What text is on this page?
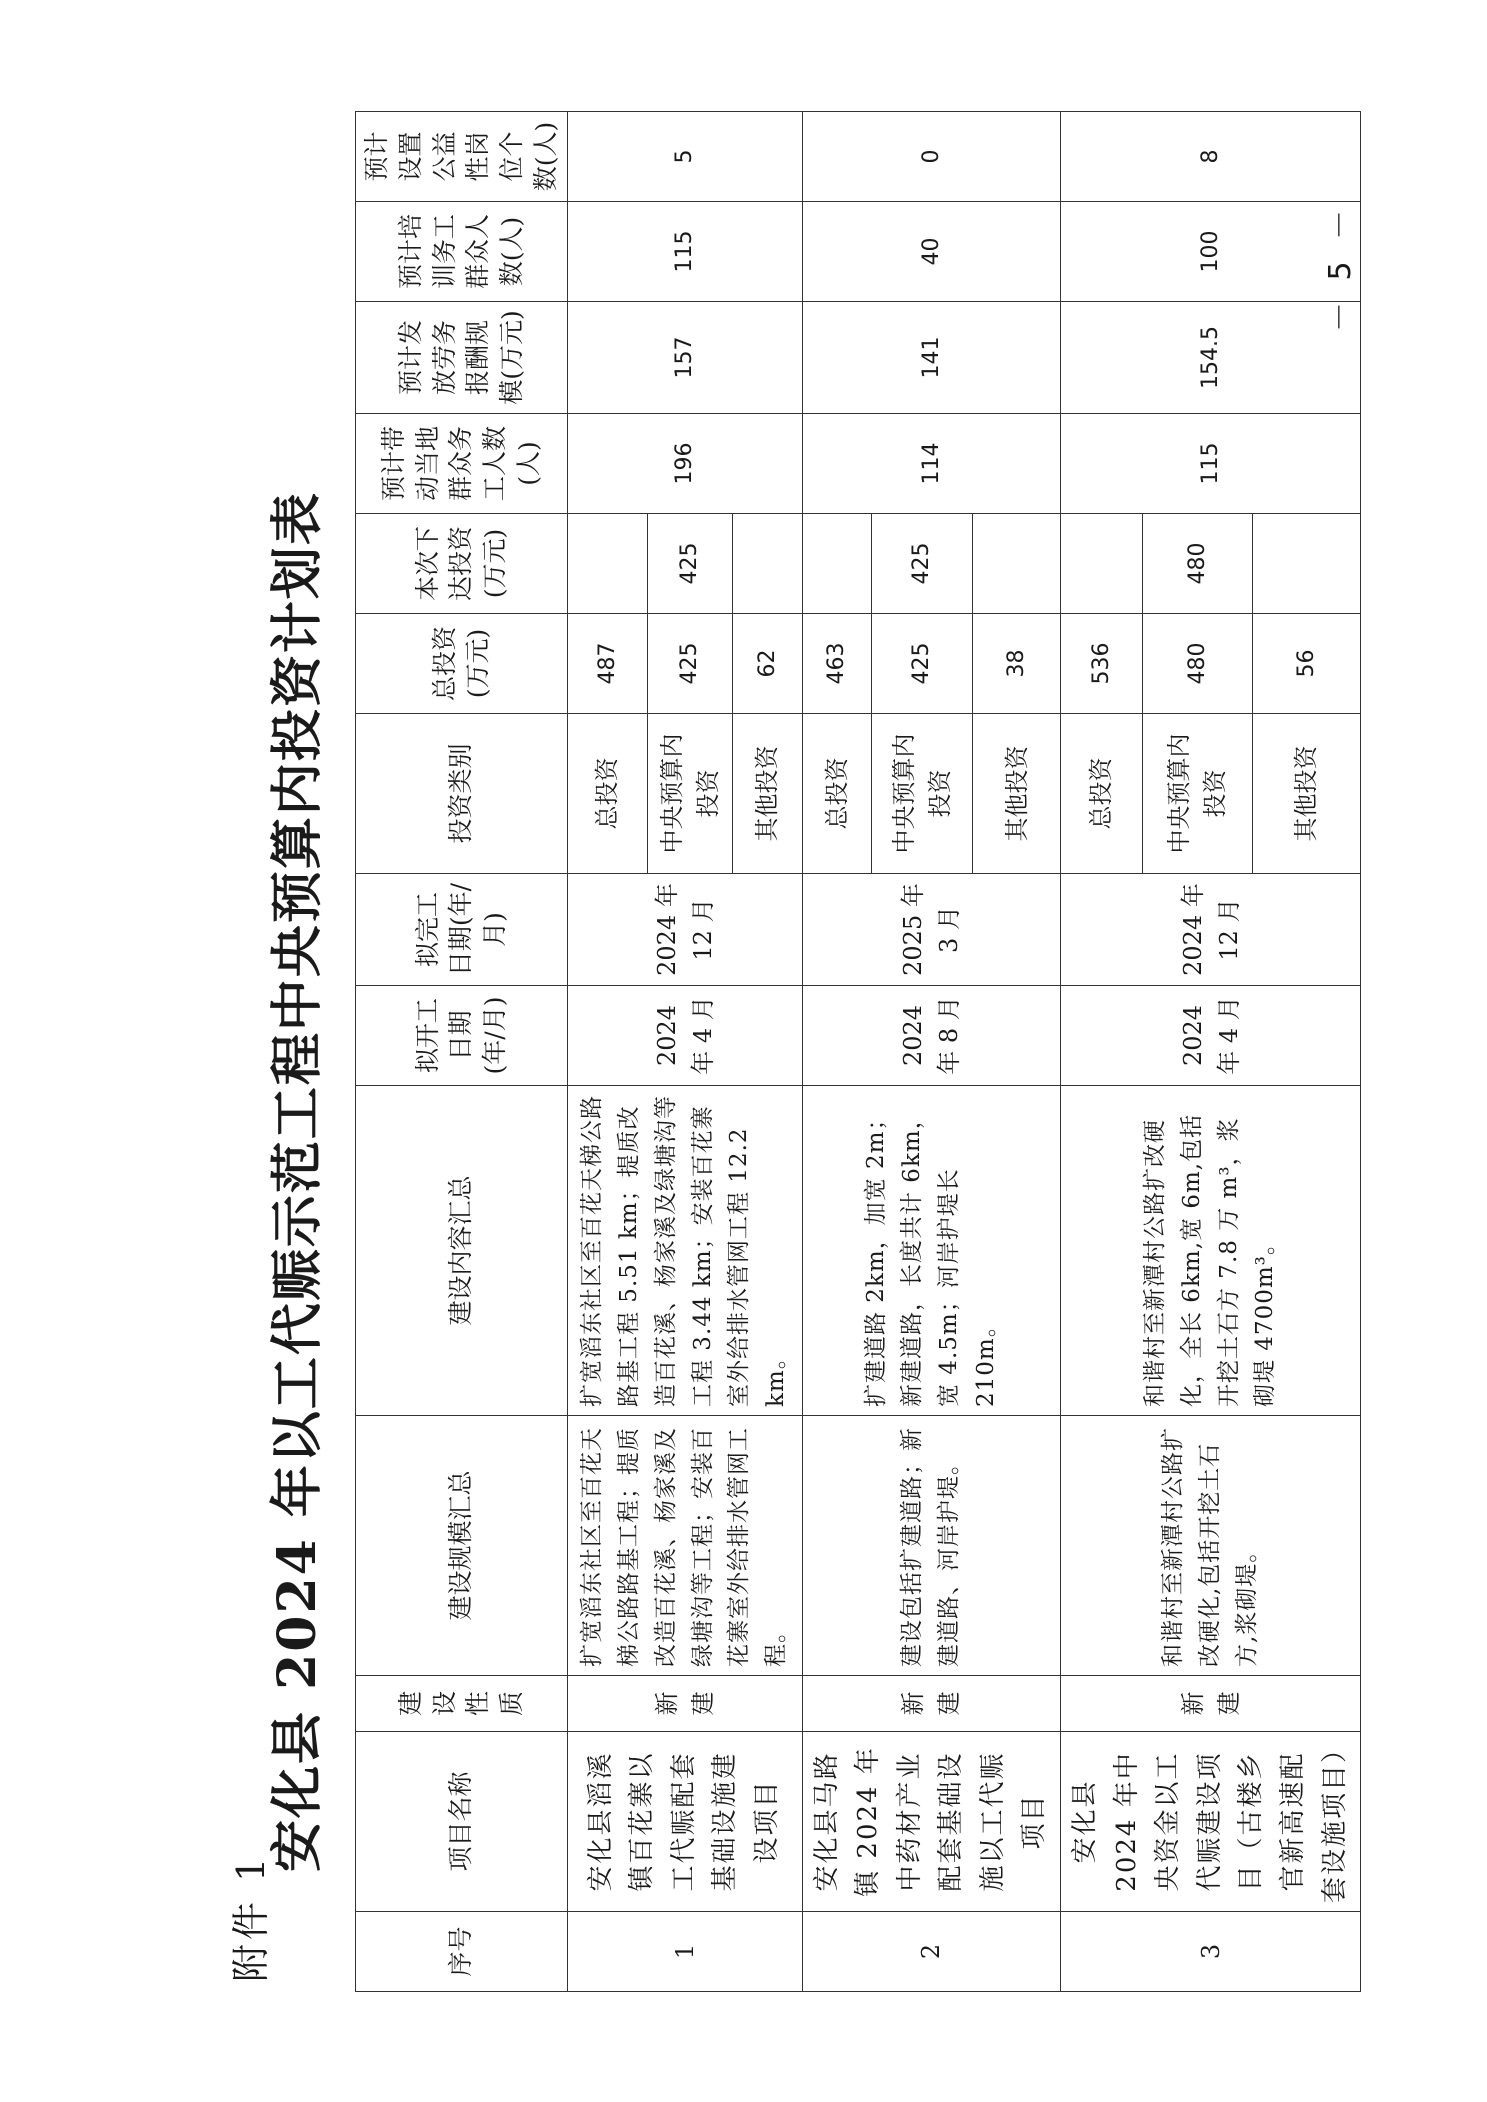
附件 1
安化县 2024 年以工代赈示范工程中央预算内投资计划表
序号	项目名称	建设性质	建设规模汇总	建设内容汇总	拟开工日期(年/月)	拟完工日期(年/月)	投资类别	总投资(万元)	本次下达投资(万元)	预计带动当地群众务工人数(人)	预计发放劳务报酬规模(万元)	预计培训务工群众人数(人)	预计设置公益性岗位个数(人)
1	安化县滔溪镇百花寨以工代赈配套基础设施建设项目	新建	扩宽滔东社区至百花天梯公路路基工程；提质改造百花溪、杨家溪及绿塘沟等工程；安装百花寨室外给排水管网工程。	扩宽滔东社区至百花天梯公路路基工程 5.51 km；提质改造百花溪、杨家溪及绿塘沟等工程 3.44 km；安装百花寨室外给排水管网工程 12.2 km。	2024 年 4 月	2024 年 12 月	总投资	487		196	157	115	5
							中央预算内投资	425	425				
							其他投资	62					
2	安化县马路镇 2024 年中药材产业配套基础设施以工代赈项目	新建	建设包括扩建道路；新建道路、河岸护堤。	扩建道路 2km，加宽 2m；新建道路，长度共计 6km，宽 4.5m；河岸护堤长 210m。	2024 年 8 月	2025 年 3 月	总投资	463		114	141	40	0
							中央预算内投资	425	425				
							其他投资	38					
3	安化县 2024 年中央资金以工代赈建设项目（古楼乡官新高速配套设施项目）	新建	和谐村至新潭村公路扩改硬化,包括开挖土石方,浆砌堤。	和谐村至新潭村公路扩改硬化，全长 6km,宽 6m,包括开挖土石方 7.8 万 m³，浆砌堤 4700m³。	2024 年 4 月	2024 年 12 月	总投资	536		115	154.5	100	8
							中央预算内投资	480	480				
							其他投资	56					
－ 5 －
